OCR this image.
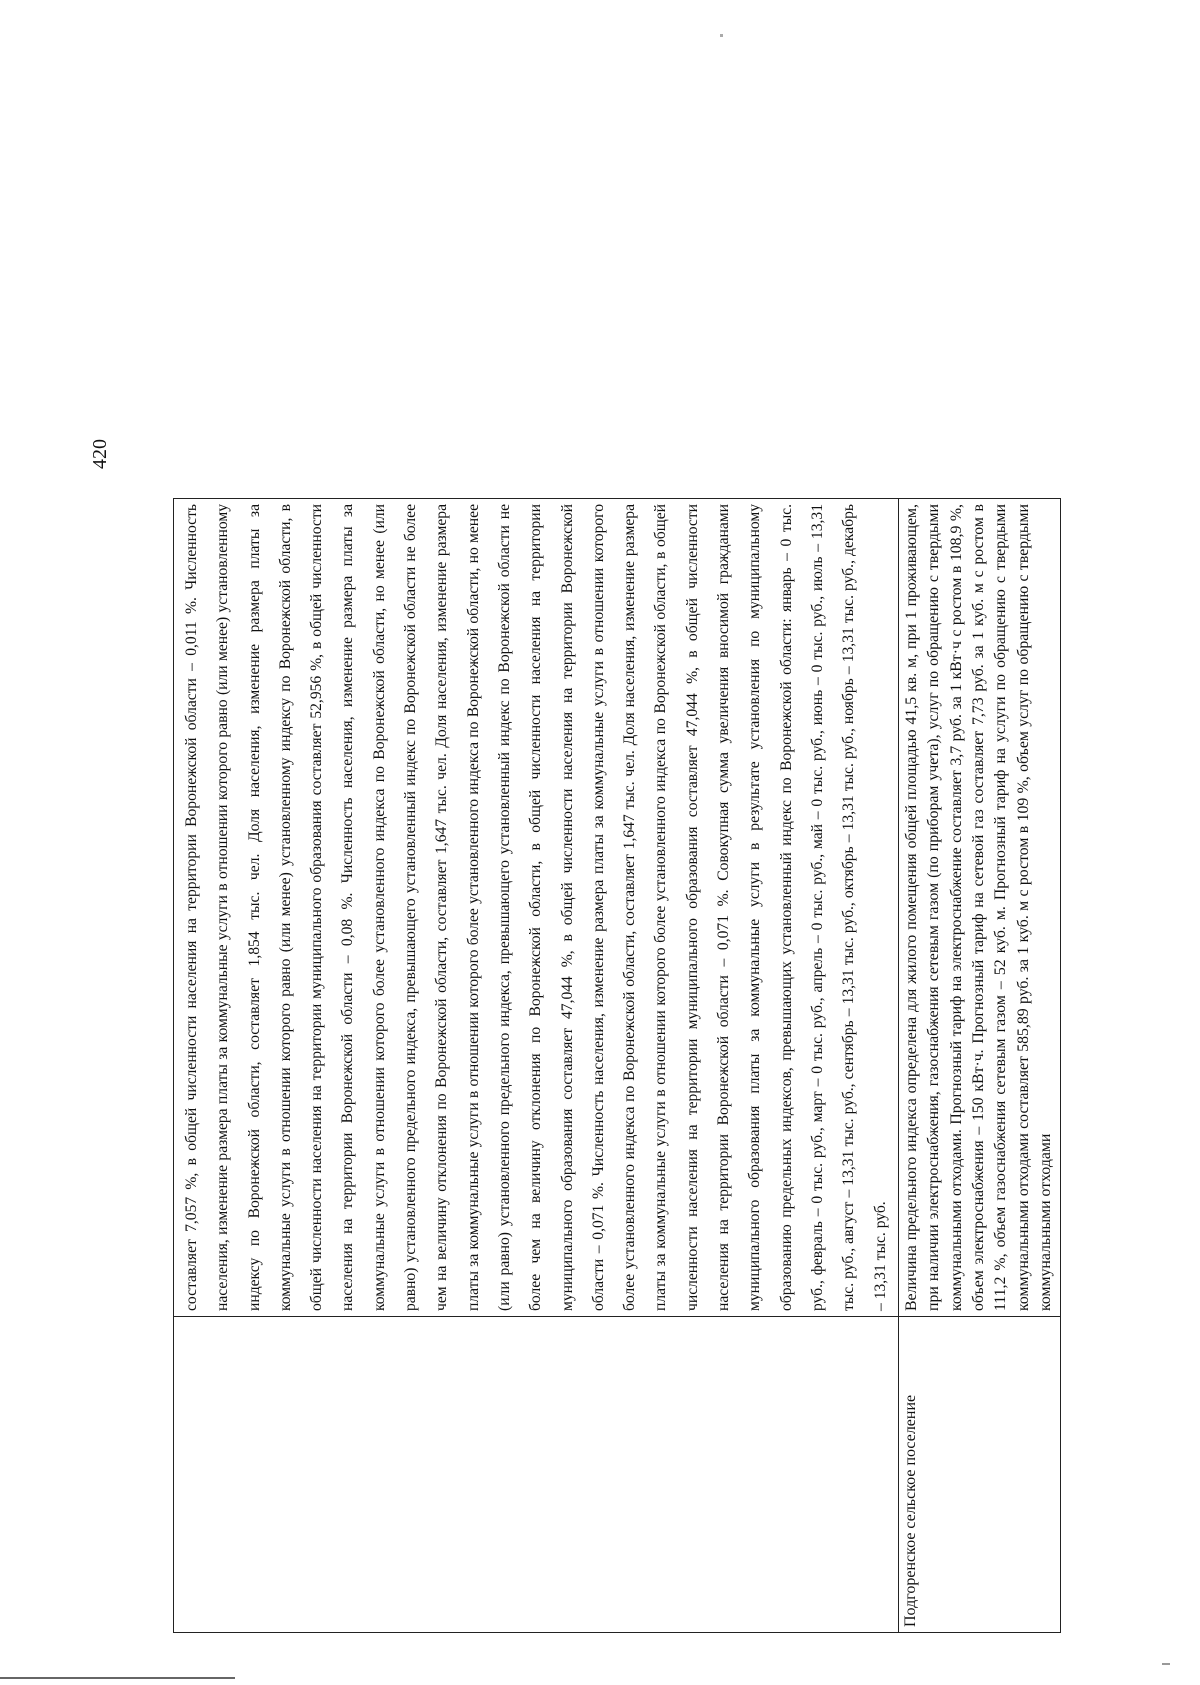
420
	составляет 7,057 %, в общей численности населения на территории Воронежской области – 0,011 %. Численность населения, изменение размера платы за коммунальные услуги в отношении которого равно (или менее) установленному индексу по Воронежской области, составляет 1,854 тыс. чел. Доля населения, изменение размера платы за коммунальные услуги в отношении которого равно (или менее) установленному индексу по Воронежской области, в общей численности населения на территории муниципального образования составляет 52,956 %, в общей численности населения на территории Воронежской области – 0,08 %. Численность населения, изменение размера платы за коммунальные услуги в отношении которого более установленного индекса по Воронежской области, но менее (или равно) установленного предельного индекса, превышающего установленный индекс по Воронежской области не более чем на величину отклонения по Воронежской области, составляет 1,647 тыс. чел. Доля населения, изменение размера платы за коммунальные услуги в отношении которого более установленного индекса по Воронежской области, но менее (или равно) установленного предельного индекса, превышающего установленный индекс по Воронежской области не более чем на величину отклонения по Воронежской области, в общей численности населения на территории муниципального образования составляет 47,044 %, в общей численности населения на территории Воронежской области – 0,071 %. Численность населения, изменение размера платы за коммунальные услуги в отношении которого более установленного индекса по Воронежской области, составляет 1,647 тыс. чел. Доля населения, изменение размера платы за коммунальные услуги в отношении которого более установленного индекса по Воронежской области, в общей численности населения на территории муниципального образования составляет 47,044 %, в общей численности населения на территории Воронежской области – 0,071 %. Совокупная сумма увеличения вносимой гражданами муниципального образования платы за коммунальные услуги в результате установления по муниципальному образованию предельных индексов, превышающих установленный индекс по Воронежской области: январь – 0 тыс. руб., февраль – 0 тыс. руб., март – 0 тыс. руб., апрель – 0 тыс. руб., май – 0 тыс. руб., июнь – 0 тыс. руб., июль – 13,31 тыс. руб., август – 13,31 тыс. руб., сентябрь – 13,31 тыс. руб., октябрь – 13,31 тыс. руб., ноябрь – 13,31 тыс. руб., декабрь – 13,31 тыс. руб.
Подгоренское сельское поселение	Величина предельного индекса определена для жилого помещения общей площадью 41,5 кв. м, при 1 проживающем, при наличии электроснабжения, газоснабжения сетевым газом (по приборам учета), услуг по обращению с твердыми коммунальными отходами. Прогнозный тариф на электроснабжение составляет 3,7 руб. за 1 кВт·ч с ростом в 108,9 %, объем электроснабжения – 150 кВт·ч. Прогнозный тариф на сетевой газ составляет 7,73 руб. за 1 куб. м с ростом в 111,2 %, объем газоснабжения сетевым газом – 52 куб. м. Прогнозный тариф на услуги по обращению с твердыми коммунальными отходами составляет 585,89 руб. за 1 куб. м с ростом в 109 %, объем услуг по обращению с твердыми коммунальными отходами
